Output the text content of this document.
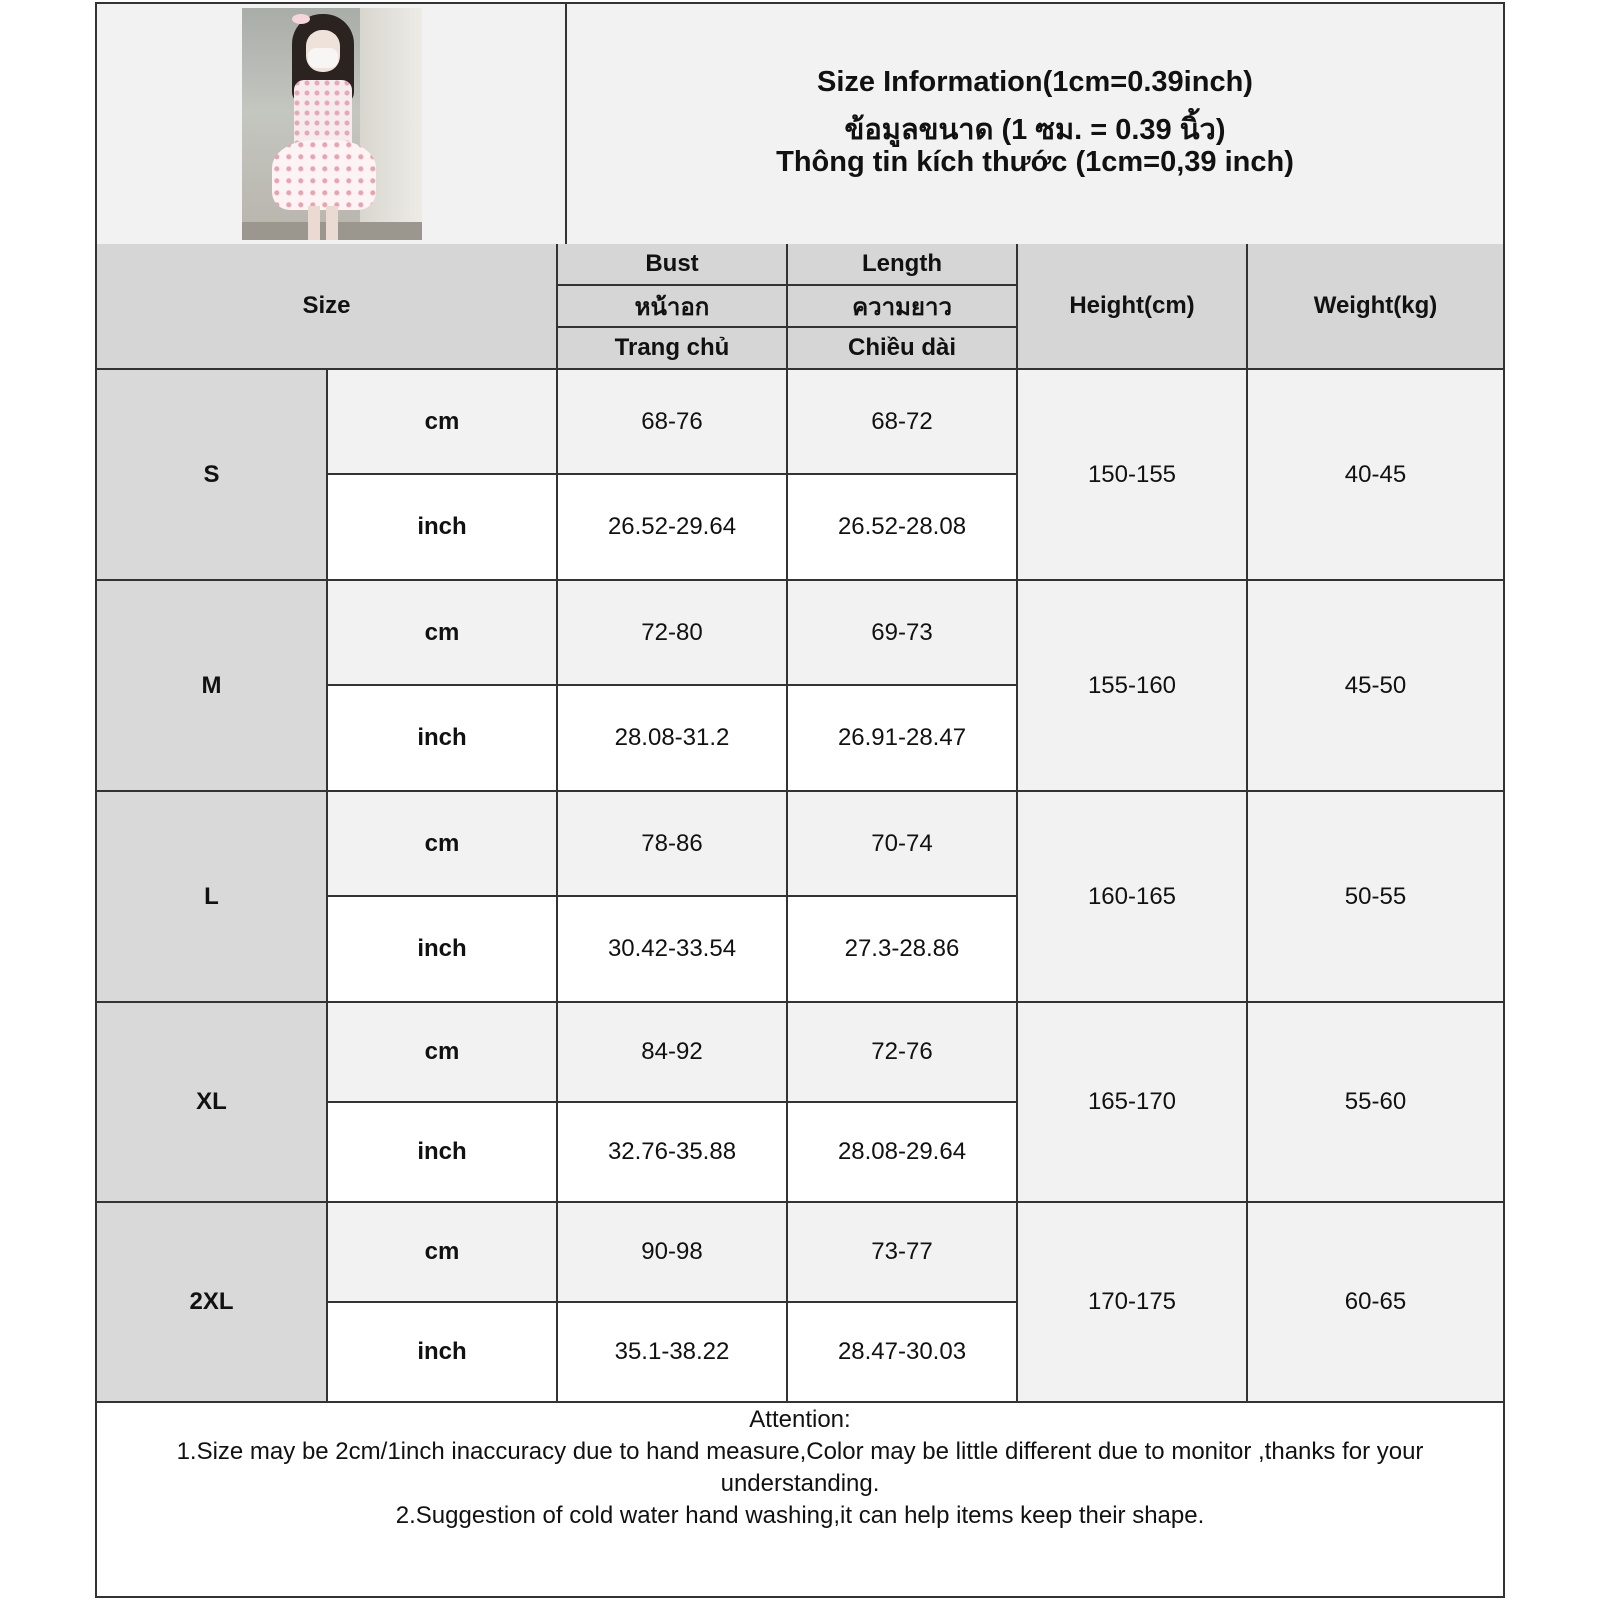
Size Information(1cm=0.39inch)
ข้อมูลขนาด (1 ซม. = 0.39 นิ้ว)
Thông tin kích thước (1cm=0,39 inch)
Size		Bust	Length	Height(cm)	Weight(kg)
		หน้าอก	ความยาว		
		Trang chủ	Chiều dài		
S	cm	68-76	68-72	150-155	40-45
	inch	26.52-29.64	26.52-28.08		
M	cm	72-80	69-73	155-160	45-50
	inch	28.08-31.2	26.91-28.47		
L	cm	78-86	70-74	160-165	50-55
	inch	30.42-33.54	27.3-28.86		
XL	cm	84-92	72-76	165-170	55-60
	inch	32.76-35.88	28.08-29.64		
2XL	cm	90-98	73-77	170-175	60-65
	inch	35.1-38.22	28.47-30.03		

Attention:

1.Size may be 2cm/1inch inaccuracy due to hand measure,Color may be little different due to monitor ,thanks for your understanding.

2.Suggestion of cold water hand washing,it can help items keep their shape.
